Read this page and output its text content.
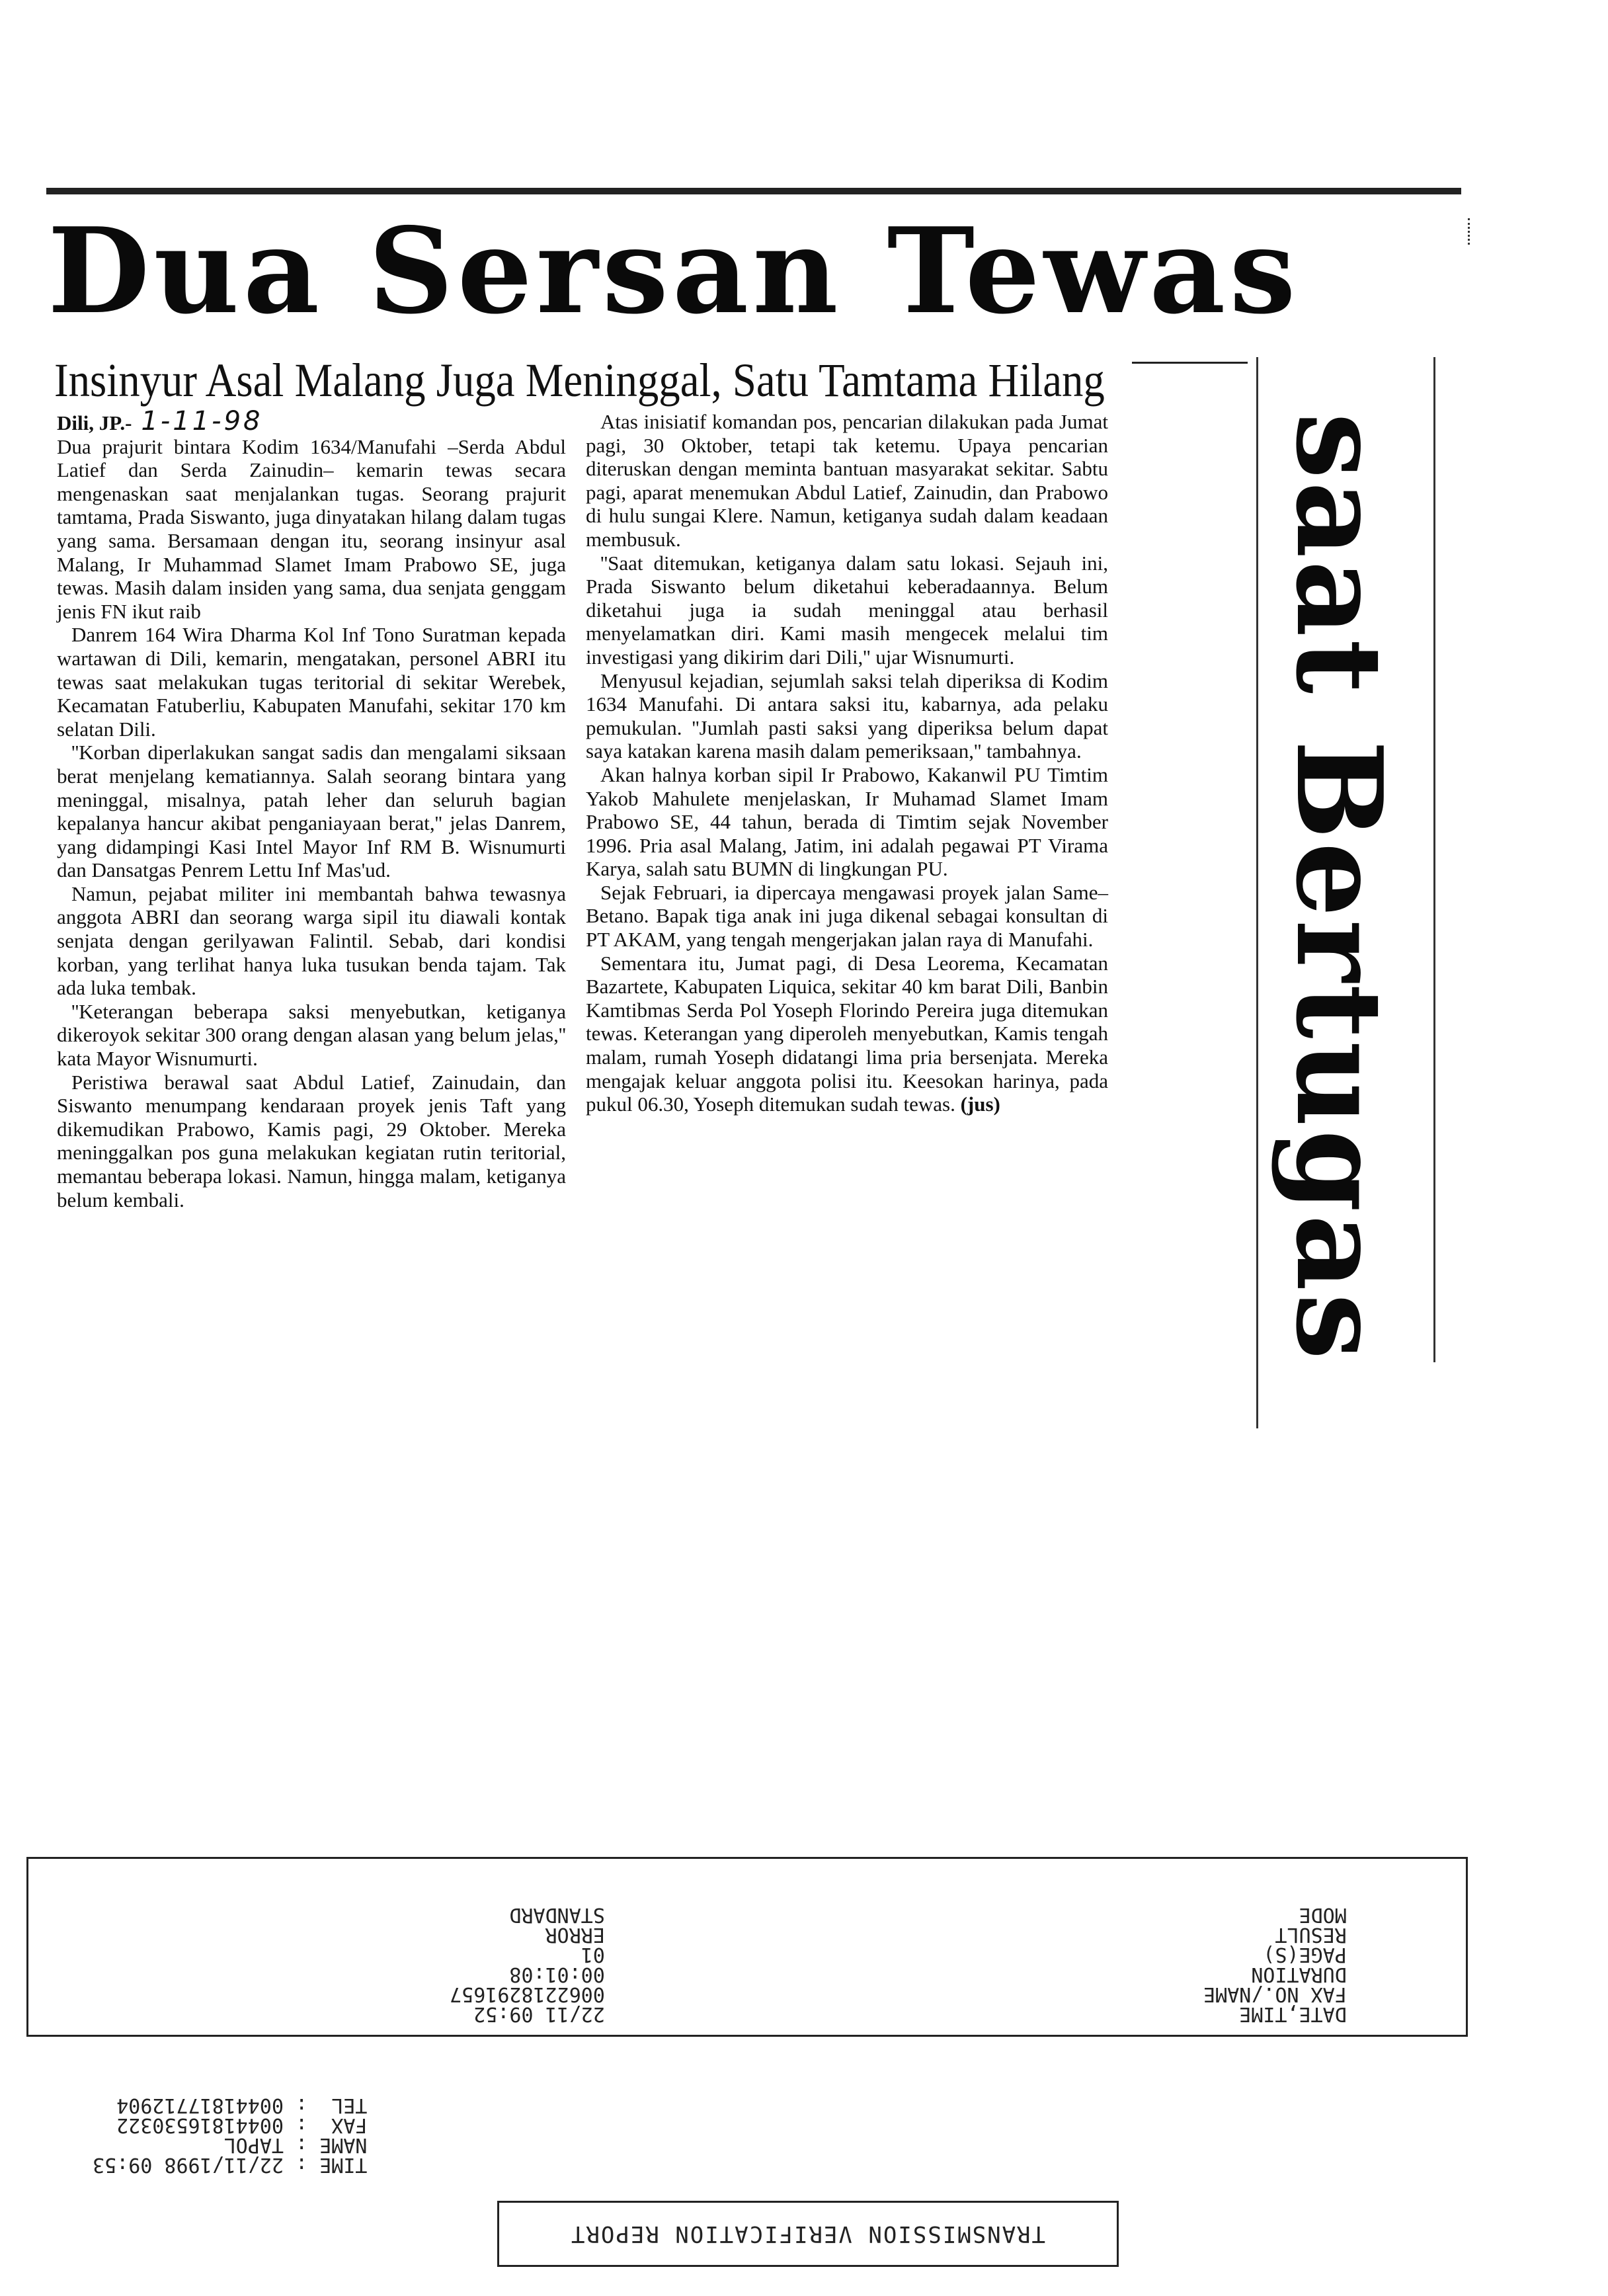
Dua Sersan Tewas
Insinyur Asal Malang Juga Meninggal, Satu Tamtama Hilang
saat Bertugas

Dili, JP.- 1-11-98

Dua prajurit bintara Kodim 1634/Manufahi –Serda Abdul Latief dan Serda Zainudin– kemarin tewas secara mengenaskan saat menjalankan tugas. Seorang prajurit tamtama, Prada Siswanto, juga dinyatakan hilang dalam tugas yang sama. Bersamaan dengan itu, seorang insinyur asal Malang, Ir Muhammad Slamet Imam Prabowo SE, juga tewas. Masih dalam insiden yang sama, dua senjata genggam jenis FN ikut raib

Danrem 164 Wira Dharma Kol Inf Tono Suratman kepada wartawan di Dili, kemarin, mengatakan, personel ABRI itu tewas saat melakukan tugas teritorial di sekitar Werebek, Kecamatan Fatuberliu, Kabupaten Manufahi, sekitar 170 km selatan Dili.

''Korban diperlakukan sangat sadis dan mengalami siksaan berat menjelang kematiannya. Salah seorang bintara yang meninggal, misalnya, patah leher dan seluruh bagian kepalanya hancur akibat penganiayaan berat,'' jelas Danrem, yang didampingi Kasi Intel Mayor Inf RM B. Wisnumurti dan Dansatgas Penrem Lettu Inf Mas'ud.

Namun, pejabat militer ini membantah bahwa tewasnya anggota ABRI dan seorang warga sipil itu diawali kontak senjata dengan gerilyawan Falintil. Sebab, dari kondisi korban, yang terlihat hanya luka tusukan benda tajam. Tak ada luka tembak.

''Keterangan beberapa saksi menyebutkan, ketiganya dikeroyok sekitar 300 orang dengan alasan yang belum jelas,'' kata Mayor Wisnumurti.

Peristiwa berawal saat Abdul Latief, Zainudain, dan Siswanto menumpang kendaraan proyek jenis Taft yang dikemudikan Prabowo, Kamis pagi, 29 Oktober. Mereka meninggalkan pos guna melakukan kegiatan rutin teritorial, memantau beberapa lokasi. Namun, hingga malam, ketiganya belum kembali.

Atas inisiatif komandan pos, pencarian dilakukan pada Jumat pagi, 30 Oktober, tetapi tak ketemu. Upaya pencarian diteruskan dengan meminta bantuan masyarakat sekitar. Sabtu pagi, aparat menemukan Abdul Latief, Zainudin, dan Prabowo di hulu sungai Klere. Namun, ketiganya sudah dalam keadaan membusuk.

''Saat ditemukan, ketiganya dalam satu lokasi. Sejauh ini, Prada Siswanto belum diketahui keberadaannya. Belum diketahui juga ia sudah meninggal atau berhasil menyelamatkan diri. Kami masih mengecek melalui tim investigasi yang dikirim dari Dili,'' ujar Wisnumurti.

Menyusul kejadian, sejumlah saksi telah diperiksa di Kodim 1634 Manufahi. Di antara saksi itu, kabarnya, ada pelaku pemukulan. ''Jumlah pasti saksi yang diperiksa belum dapat saya katakan karena masih dalam pemeriksaan,'' tambahnya.

Akan halnya korban sipil Ir Prabowo, Kakanwil PU Timtim Yakob Mahulete menjelaskan, Ir Muhamad Slamet Imam Prabowo SE, 44 tahun, berada di Timtim sejak November 1996. Pria asal Malang, Jatim, ini adalah pegawai PT Virama Karya, salah satu BUMN di lingkungan PU.

Sejak Februari, ia dipercaya mengawasi proyek jalan Same–Betano. Bapak tiga anak ini juga dikenal sebagai konsultan di PT AKAM, yang tengah mengerjakan jalan raya di Manufahi.

Sementara itu, Jumat pagi, di Desa Leorema, Kecamatan Bazartete, Kabupaten Liquica, sekitar 40 km barat Dili, Banbin Kamtibmas Serda Pol Yoseph Florindo Pereira juga ditemukan tewas. Keterangan yang diperoleh menyebutkan, Kamis tengah malam, rumah Yoseph didatangi lima pria bersenjata. Mereka mengajak keluar anggota polisi itu. Keesokan harinya, pada pukul 06.30, Yoseph ditemukan sudah tewas. (jus)

DATE,TIME
FAX NO./NAME
DURATION
PAGE(S)
RESULT
MODE
22/11 09:52
0062218291657
00:01:08
01
ERROR
STANDARD
TIME : 22/11/1998 09:53
NAME : TAPOL
FAX  : 00441816530322
TEL  : 00441817712904
TRANSMISSION VERIFICATION REPORT
